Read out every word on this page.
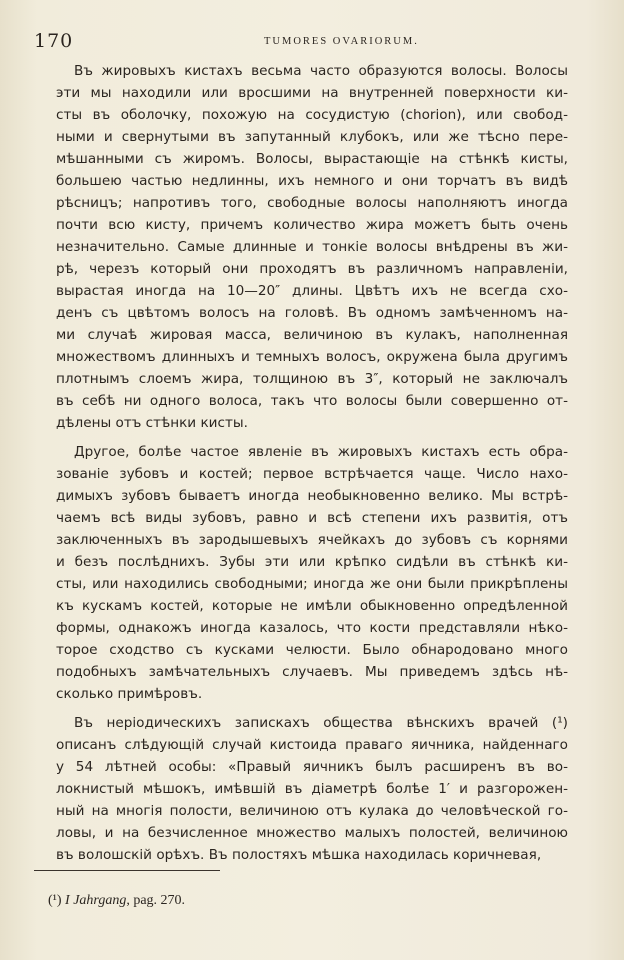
170	TUMORES OVARIORUM.

Въ жировыхъ кистахъ весьма часто образуются волосы. Волосы
эти мы находили или вросшими на внутренней поверхности ки-
сты въ оболочку, похожую на сосудистую (chorion), или свобод-
ными и свернутыми въ запутанный клубокъ, или же тѣсно пере-
мѣшанными съ жиромъ. Волосы, вырастающіе на стѣнкѣ кисты,
большею частью недлинны, ихъ немного и они торчатъ въ видѣ
рѣсницъ; напротивъ того, свободные волосы наполняютъ иногда
почти всю кисту, причемъ количество жира можетъ быть очень
незначительно. Самые длинные и тонкіе волосы внѣдрены въ жи-
рѣ, черезъ который они проходятъ въ различномъ направленіи,
вырастая иногда на 10—20″ длины. Цвѣтъ ихъ не всегда схо-
денъ съ цвѣтомъ волосъ на головѣ. Въ одномъ замѣченномъ на-
ми случаѣ жировая масса, величиною въ кулакъ, наполненная
множествомъ длинныхъ и темныхъ волосъ, окружена была другимъ
плотнымъ слоемъ жира, толщиною въ 3″, который не заключалъ
въ себѣ ни одного волоса, такъ что волосы были совершенно от-
дѣлены отъ стѣнки кисты.

Другое, болѣе частое явленіе въ жировыхъ кистахъ есть обра-
зованіе зубовъ и костей; первое встрѣчается чаще. Число нахо-
димыхъ зубовъ бываетъ иногда необыкновенно велико. Мы встрѣ-
чаемъ всѣ виды зубовъ, равно и всѣ степени ихъ развитія, отъ
заключенныхъ въ зародышевыхъ ячейкахъ до зубовъ съ корнями
и безъ послѣднихъ. Зубы эти или крѣпко сидѣли въ стѣнкѣ ки-
сты, или находились свободными; иногда же они были прикрѣплены
къ кускамъ костей, которые не имѣли обыкновенно опредѣленной
формы, однакожъ иногда казалось, что кости представляли нѣко-
торое сходство съ кусками челюсти. Было обнародовано много
подобныхъ замѣчательныхъ случаевъ. Мы приведемъ здѣсь нѣ-
сколько примѣровъ.

Въ неріодическихъ запискахъ общества вѣнскихъ врачей (¹)
описанъ слѣдующій случай кистоида праваго яичника, найденнаго
у 54 лѣтней особы: «Правый яичникъ былъ расширенъ въ во-
локнистый мѣшокъ, имѣвшій въ діаметрѣ болѣе 1′ и разгорожен-
ный на многія полости, величиною отъ кулака до человѣческой го-
ловы, и на безчисленное множество малыхъ полостей, величиною
въ волошскій орѣхъ. Въ полостяхъ мѣшка находилась коричневая,

(¹) I Jahrgang, pag. 270.
